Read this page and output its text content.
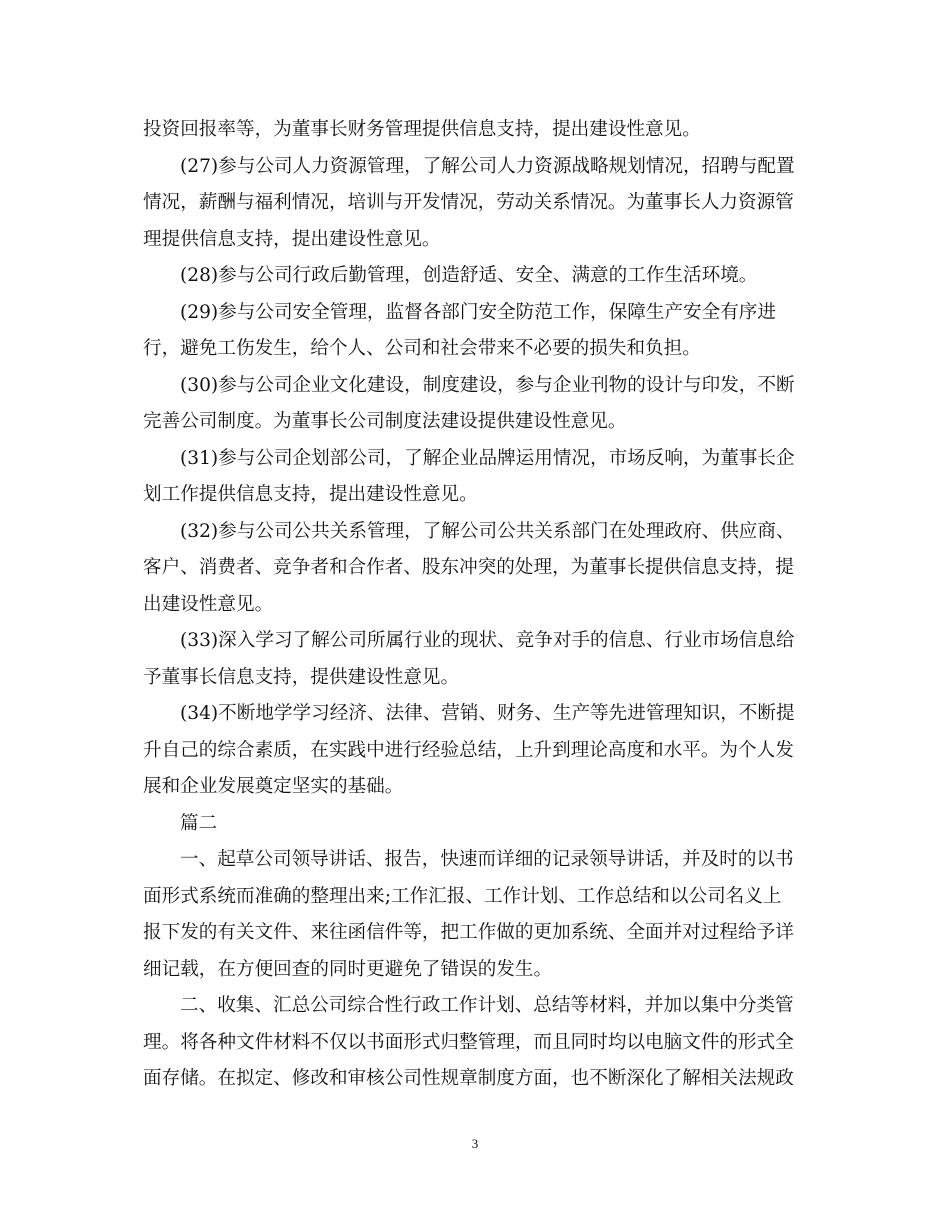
投资回报率等，为董事长财务管理提供信息支持，提出建设性意见。
(27)参与公司人力资源管理，了解公司人力资源战略规划情况，招聘与配置
情况，薪酬与福利情况，培训与开发情况，劳动关系情况。为董事长人力资源管
理提供信息支持，提出建设性意见。
(28)参与公司行政后勤管理，创造舒适、安全、满意的工作生活环境。
(29)参与公司安全管理，监督各部门安全防范工作，保障生产安全有序进
行，避免工伤发生，给个人、公司和社会带来不必要的损失和负担。
(30)参与公司企业文化建设，制度建设，参与企业刊物的设计与印发，不断
完善公司制度。为董事长公司制度法建设提供建设性意见。
(31)参与公司企划部公司，了解企业品牌运用情况，市场反响，为董事长企
划工作提供信息支持，提出建设性意见。
(32)参与公司公共关系管理，了解公司公共关系部门在处理政府、供应商、
客户、消费者、竞争者和合作者、股东冲突的处理，为董事长提供信息支持，提
出建设性意见。
(33)深入学习了解公司所属行业的现状、竞争对手的信息、行业市场信息给
予董事长信息支持，提供建设性意见。
(34)不断地学学习经济、法律、营销、财务、生产等先进管理知识，不断提
升自己的综合素质，在实践中进行经验总结，上升到理论高度和水平。为个人发
展和企业发展奠定坚实的基础。
篇二
一、起草公司领导讲话、报告，快速而详细的记录领导讲话，并及时的以书
面形式系统而准确的整理出来;工作汇报、工作计划、工作总结和以公司名义上
报下发的有关文件、来往函信件等，把工作做的更加系统、全面并对过程给予详
细记载，在方便回查的同时更避免了错误的发生。
二、收集、汇总公司综合性行政工作计划、总结等材料，并加以集中分类管
理。将各种文件材料不仅以书面形式归整管理，而且同时均以电脑文件的形式全
面存储。在拟定、修改和审核公司性规章制度方面，也不断深化了解相关法规政
3
